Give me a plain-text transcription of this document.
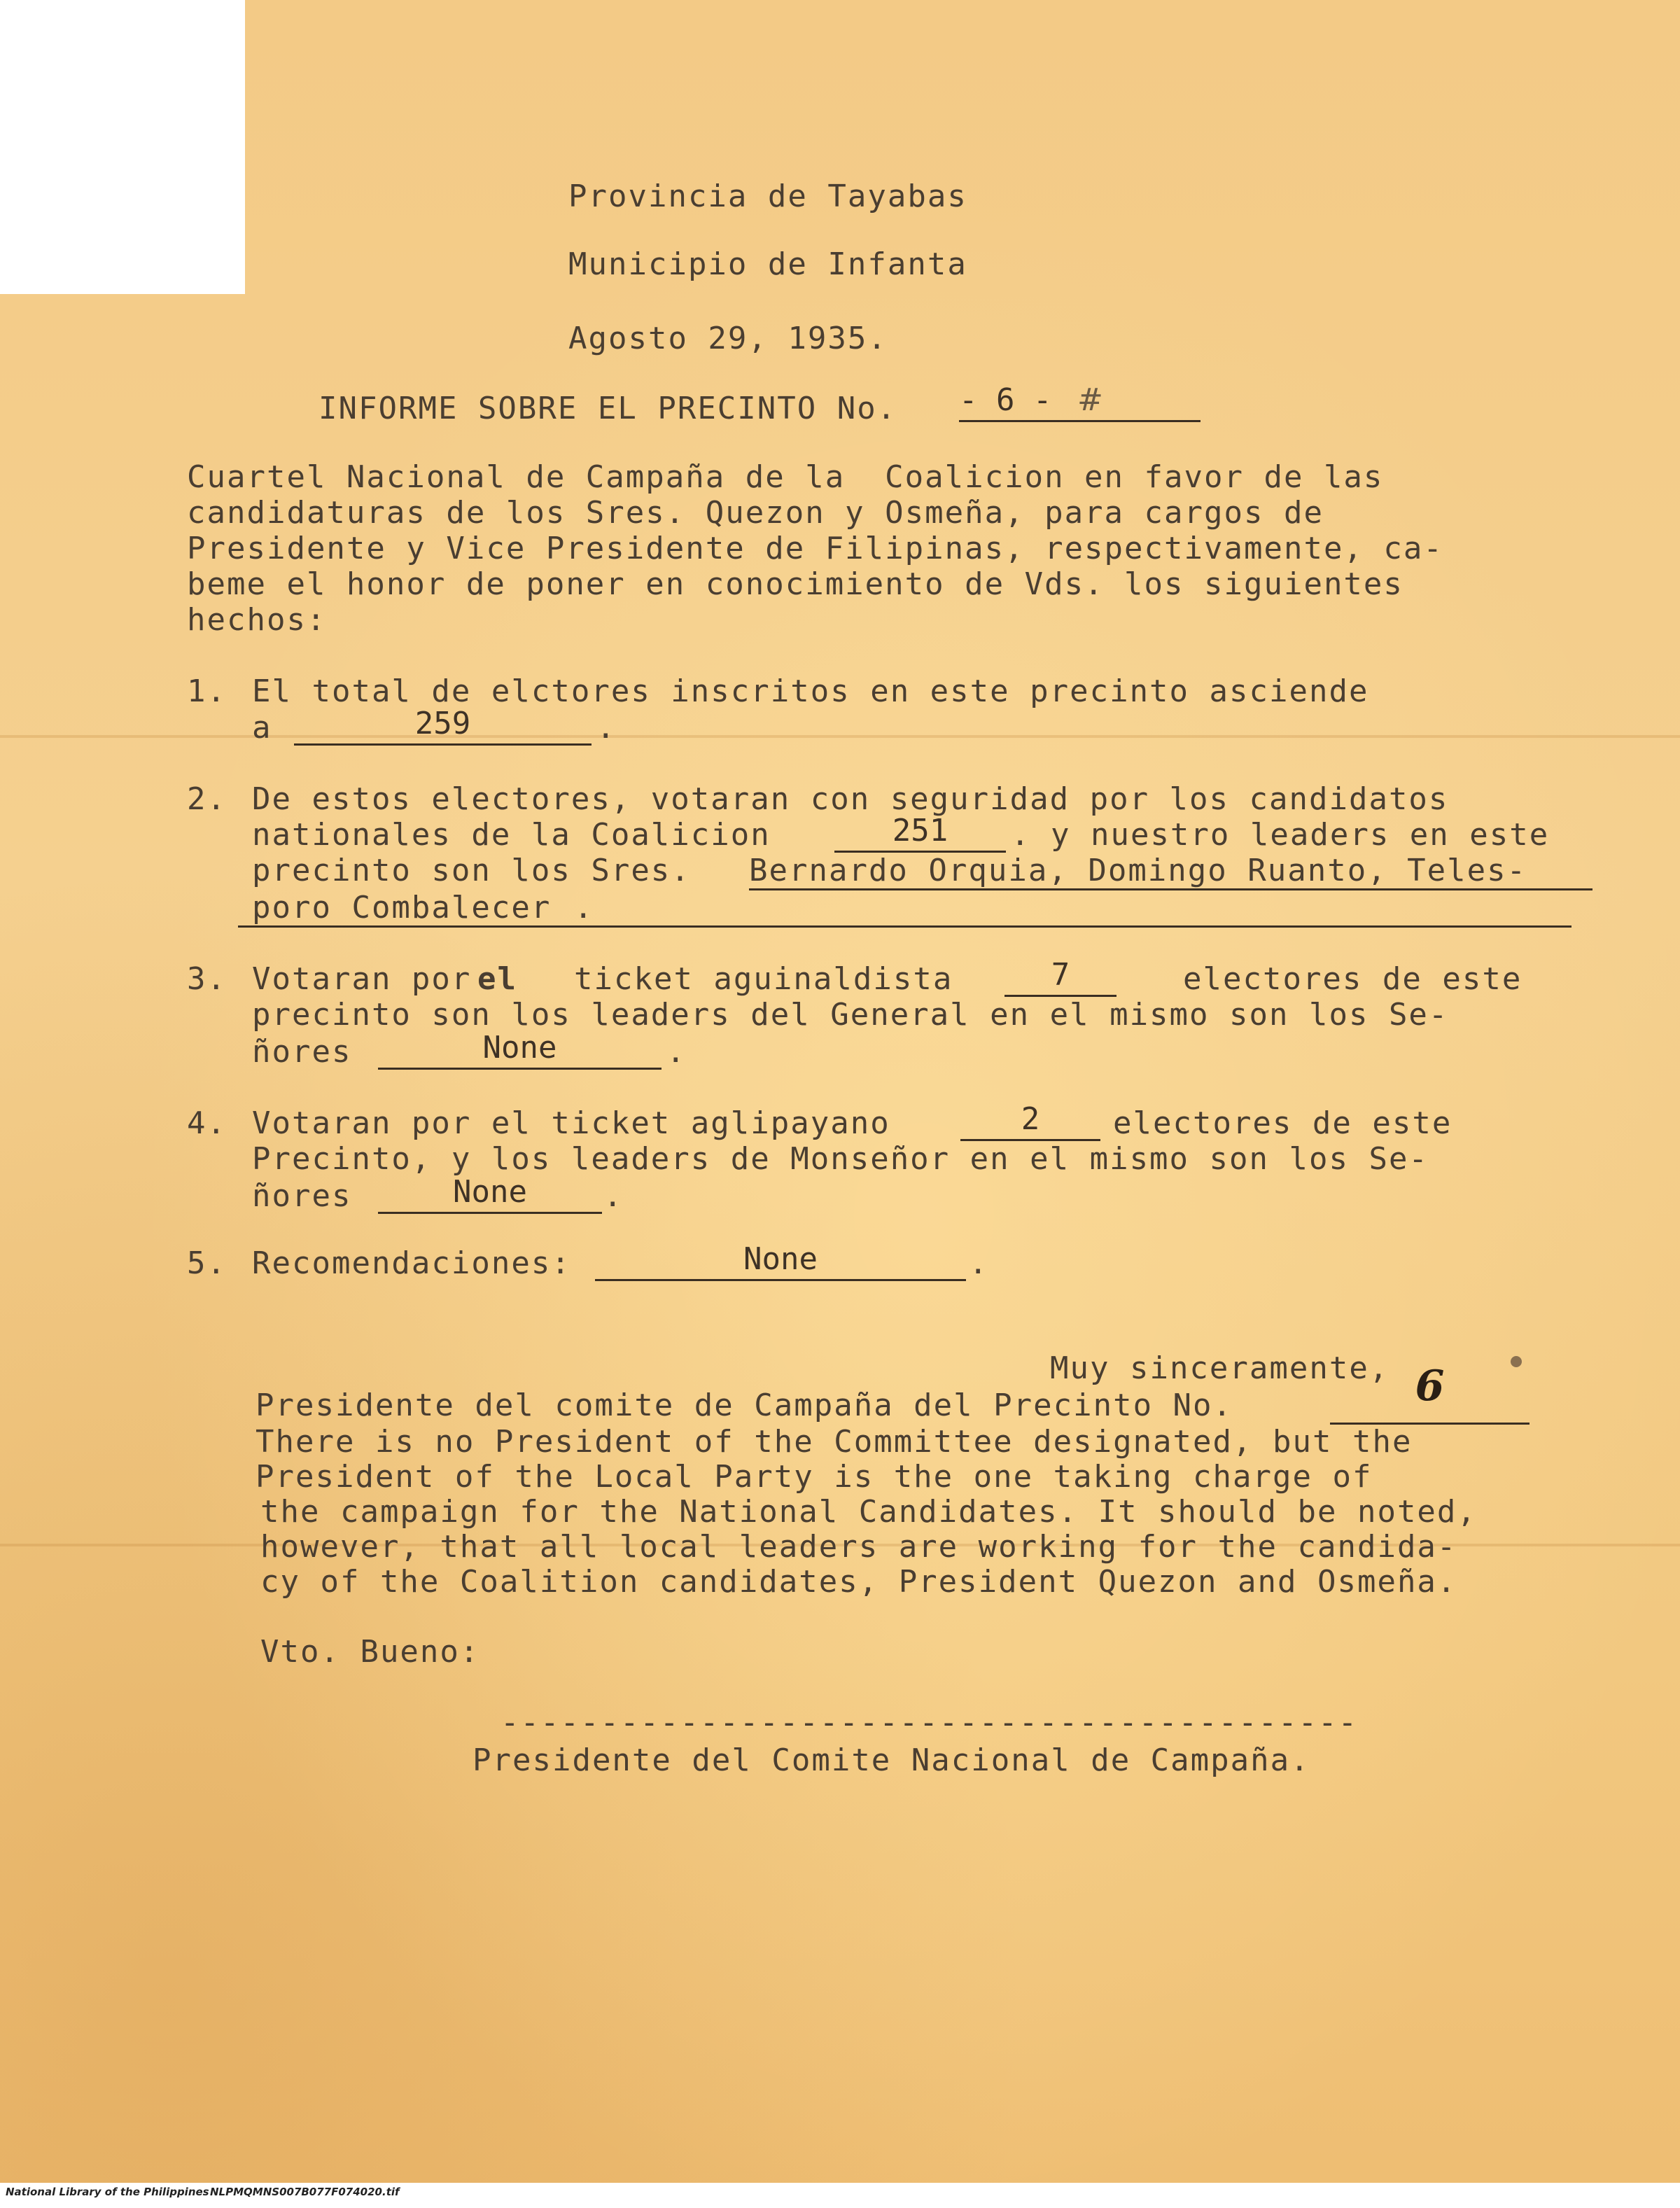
Provincia de Tayabas
Municipio de Infanta
Agosto 29, 1935.
INFORME SOBRE EL PRECINTO No. - 6 - #
Cuartel Nacional de Campaña de la  Coalicion en favor de las
candidaturas de los Sres. Quezon y Osmeña, para cargos de
Presidente y Vice Presidente de Filipinas, respectivamente, ca-
beme el honor de poner en conocimiento de Vds. los siguientes
hechos:
1. El total de elctores inscritos en este precinto asciende
a	259	.
2. De estos electores, votaran con seguridad por los candidatos
nationales de la Coalicion	251	. y nuestro leaders en este
precinto son los Sres. Bernardo Orquia, Domingo Ruanto, Teles-
poro Combalecer .
3. Votaran por el ticket aguinaldista	7	electores de este
precinto son los leaders del General en el mismo son los Se-
ñores	None	.
4. Votaran por el ticket aglipayano	2	electores de este
Precinto, y los leaders de Monseñor en el mismo son los Se-
ñores	None	.
5. Recomendaciones:	None	.
Muy sinceramente,
Presidente del comite de Campaña del Precinto No.	6
There is no President of the Committee designated, but the
President of the Local Party is the one taking charge of
the campaign for the National Candidates. It should be noted,
however, that all local leaders are working for the candida-
cy of the Coalition candidates, President Quezon and Osmeña.
Vto. Bueno:
-------------------------------------------
Presidente del Comite Nacional de Campaña.
National Library of the Philippines NLPMQMNS007B077F074020.tif
